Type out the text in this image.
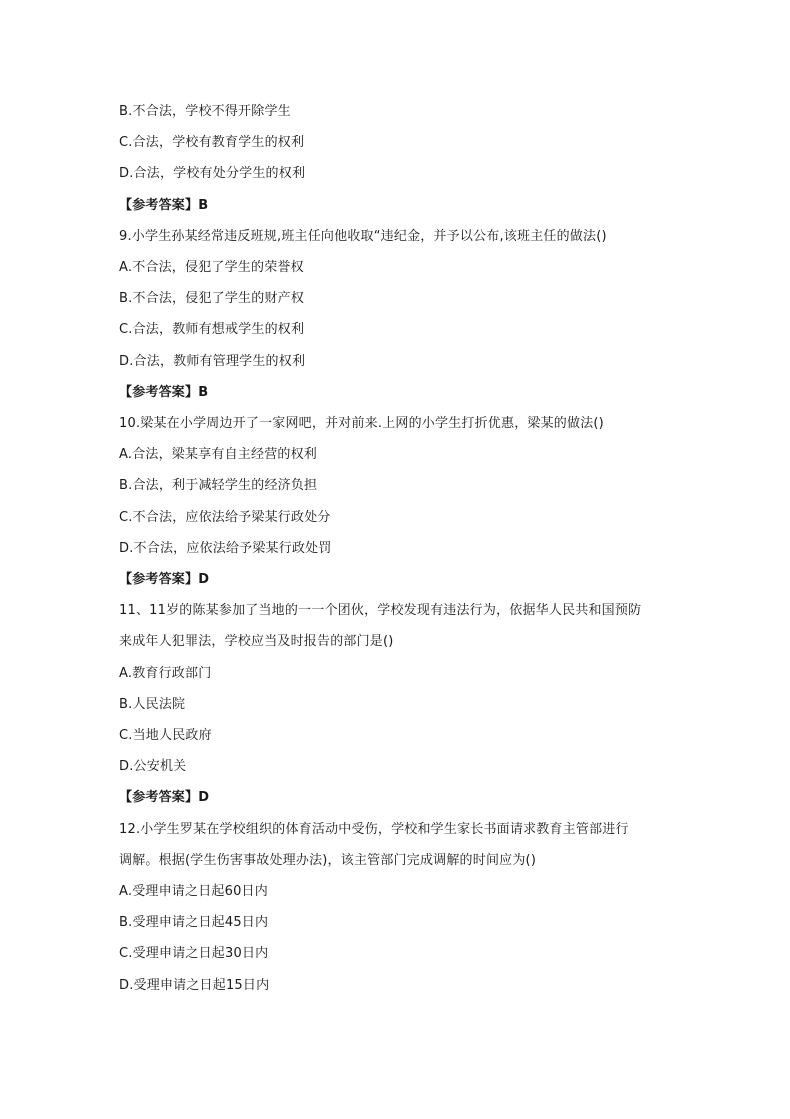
B.不合法，学校不得开除学生
C.合法，学校有教育学生的权利
D.合法，学校有处分学生的权利
【参考答案】B
9.小学生孙某经常违反班规,班主任向他收取“违纪金，并予以公布,该班主任的做法()
A.不合法，侵犯了学生的荣誉权
B.不合法，侵犯了学生的财产权
C.合法，教师有想戒学生的权利
D.合法，教师有管理学生的权利
【参考答案】B
10.梁某在小学周边开了一家网吧，并对前来.上网的小学生打折优惠，梁某的做法()
A.合法，梁某享有自主经营的权利
B.合法，利于减轻学生的经济负担
C.不合法，应依法给予梁某行政处分
D.不合法，应依法给予梁某行政处罚
【参考答案】D
11、11岁的陈某参加了当地的一一个团伙，学校发现有违法行为，依据华人民共和国预防
来成年人犯罪法，学校应当及时报告的部门是()
A.教育行政部门
B.人民法院
C.当地人民政府
D.公安机关
【参考答案】D
12.小学生罗某在学校组织的体育活动中受伤，学校和学生家长书面请求教育主管部进行
调解。根据(学生伤害事故处理办法)，该主管部门完成调解的时间应为()
A.受理申请之日起60日内
B.受理申请之日起45日内
C.受理申请之日起30日内
D.受理申请之日起15日内
